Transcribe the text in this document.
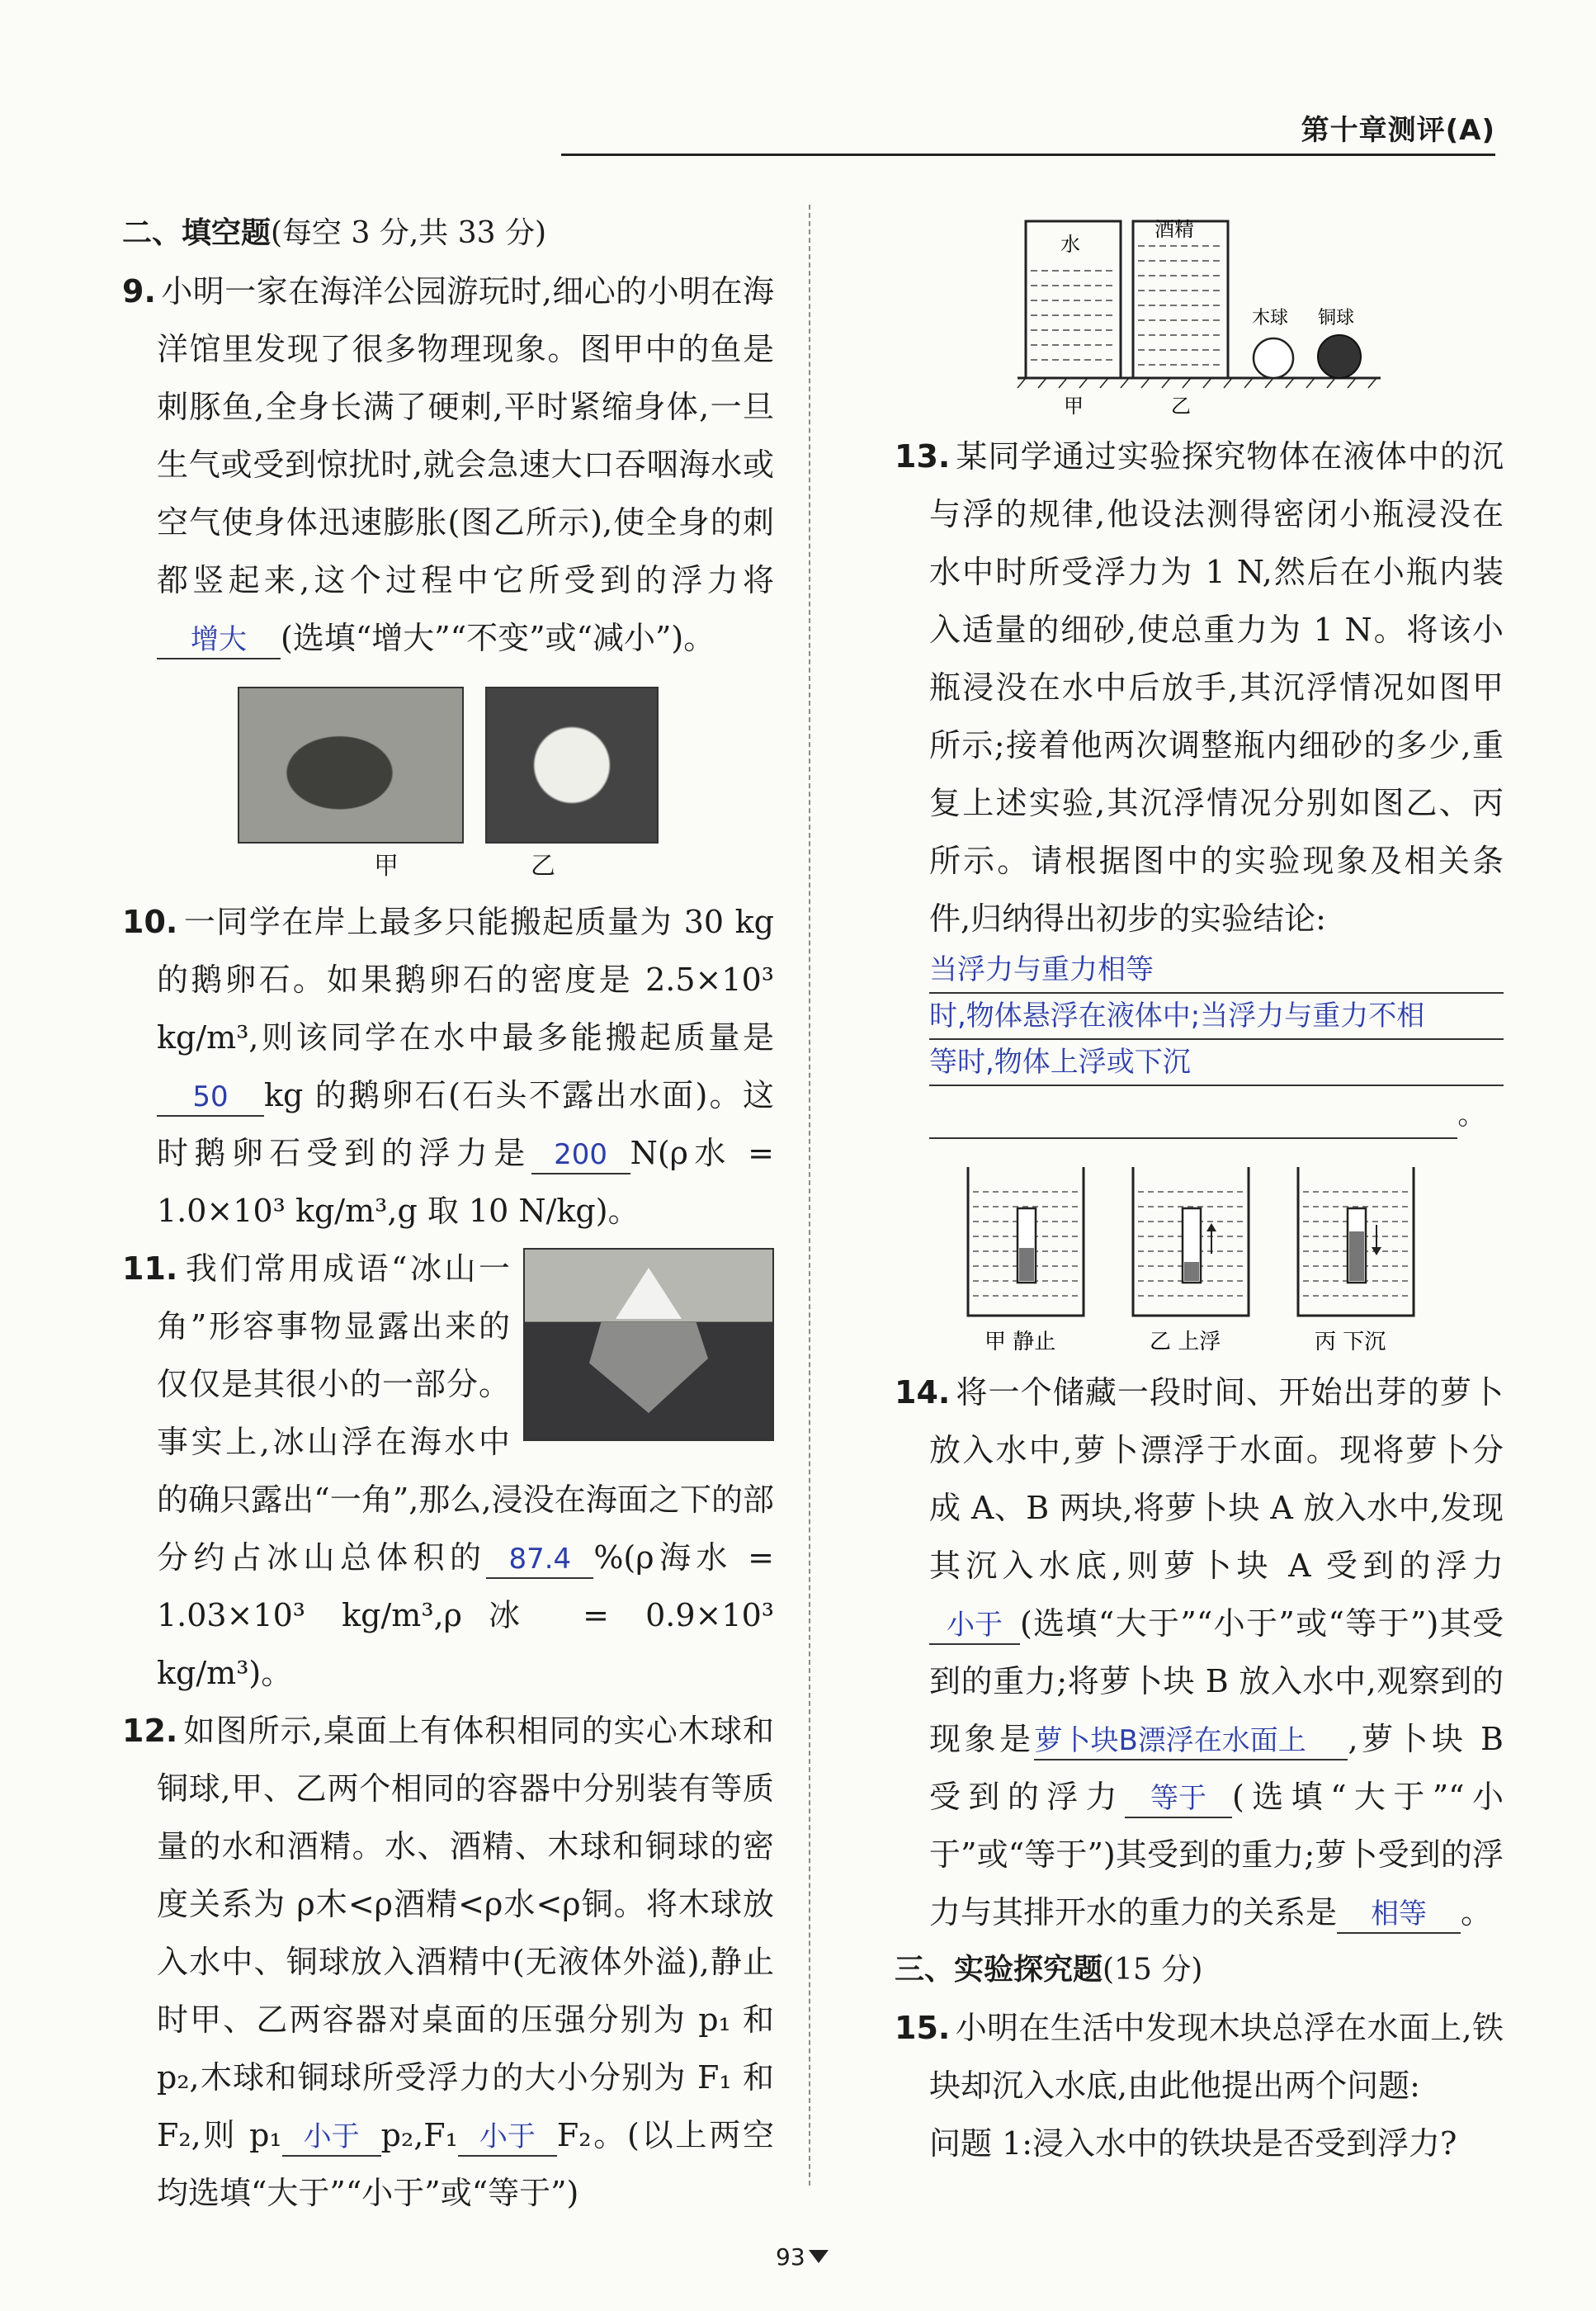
第十章测评(A)

二、填空题(每空 3 分,共 33 分)

9. 小明一家在海洋公园游玩时,细心的小明在海洋馆里发现了很多物理现象。图甲中的鱼是刺豚鱼,全身长满了硬刺,平时紧缩身体,一旦生气或受到惊扰时,就会急速大口吞咽海水或空气使身体迅速膨胀(图乙所示),使全身的刺都竖起来,这个过程中它所受到的浮力将增大 (选填“增大”“不变”或“减小”)。

甲	乙

10. 一同学在岸上最多只能搬起质量为 30 kg 的鹅卵石。如果鹅卵石的密度是 2.5×10³ kg/m³,则该同学在水中最多能搬起质量是50 kg 的鹅卵石(石头不露出水面)。这时鹅卵石受到的浮力是 200 N(ρ水 = 1.0×10³ kg/m³,g 取 10 N/kg)。

11. 我们常用成语“冰山一角”形容事物显露出来的仅仅是其很小的一部分。事实上,冰山浮在海水中的确只露出“一角”,那么,浸没在海面之下的部分约占冰山总体积的 87.4 %(ρ海水 = 1.03×10³ kg/m³,ρ冰 = 0.9×10³ kg/m³)。

12. 如图所示,桌面上有体积相同的实心木球和铜球,甲、乙两个相同的容器中分别装有等质量的水和酒精。水、酒精、木球和铜球的密度关系为 ρ木<ρ酒精<ρ水<ρ铜。将木球放入水中、铜球放入酒精中(无液体外溢),静止时甲、乙两容器对桌面的压强分别为 p₁ 和 p₂,木球和铜球所受浮力的大小分别为 F₁ 和 F₂,则 p₁ 小于 p₂,F₁ 小于 F₂。(以上两空均选填“大于”“小于”或“等于”)

水
酒精
木球 铜球
甲	乙

13. 某同学通过实验探究物体在液体中的沉与浮的规律,他设法测得密闭小瓶浸没在水中时所受浮力为 1 N,然后在小瓶内装入适量的细砂,使总重力为 1 N。将该小瓶浸没在水中后放手,其沉浮情况如图甲所示;接着他两次调整瓶内细砂的多少,重复上述实验,其沉浮情况分别如图乙、丙所示。请根据图中的实验现象及相关条件,归纳得出初步的实验结论:

当浮力与重力相等
时,物体悬浮在液体中;当浮力与重力不相
等时,物体上浮或下沉
。
甲 静止	乙 上浮	丙 下沉

14. 将一个储藏一段时间、开始出芽的萝卜放入水中,萝卜漂浮于水面。现将萝卜分成 A、B 两块,将萝卜块 A 放入水中,发现其沉入水底,则萝卜块 A 受到的浮力小于 (选填“大于”“小于”或“等于”)其受到的重力;将萝卜块 B 放入水中,观察到的现象是萝卜块B漂浮在水面上 ,萝卜块 B 受到的浮力 等于 (选填“大于”“小于”或“等于”)其受到的重力;萝卜受到的浮力与其排开水的重力的关系是 相等 。

三、实验探究题(15 分)

15. 小明在生活中发现木块总浮在水面上,铁块却沉入水底,由此他提出两个问题:

问题 1:浸入水中的铁块是否受到浮力?

93
